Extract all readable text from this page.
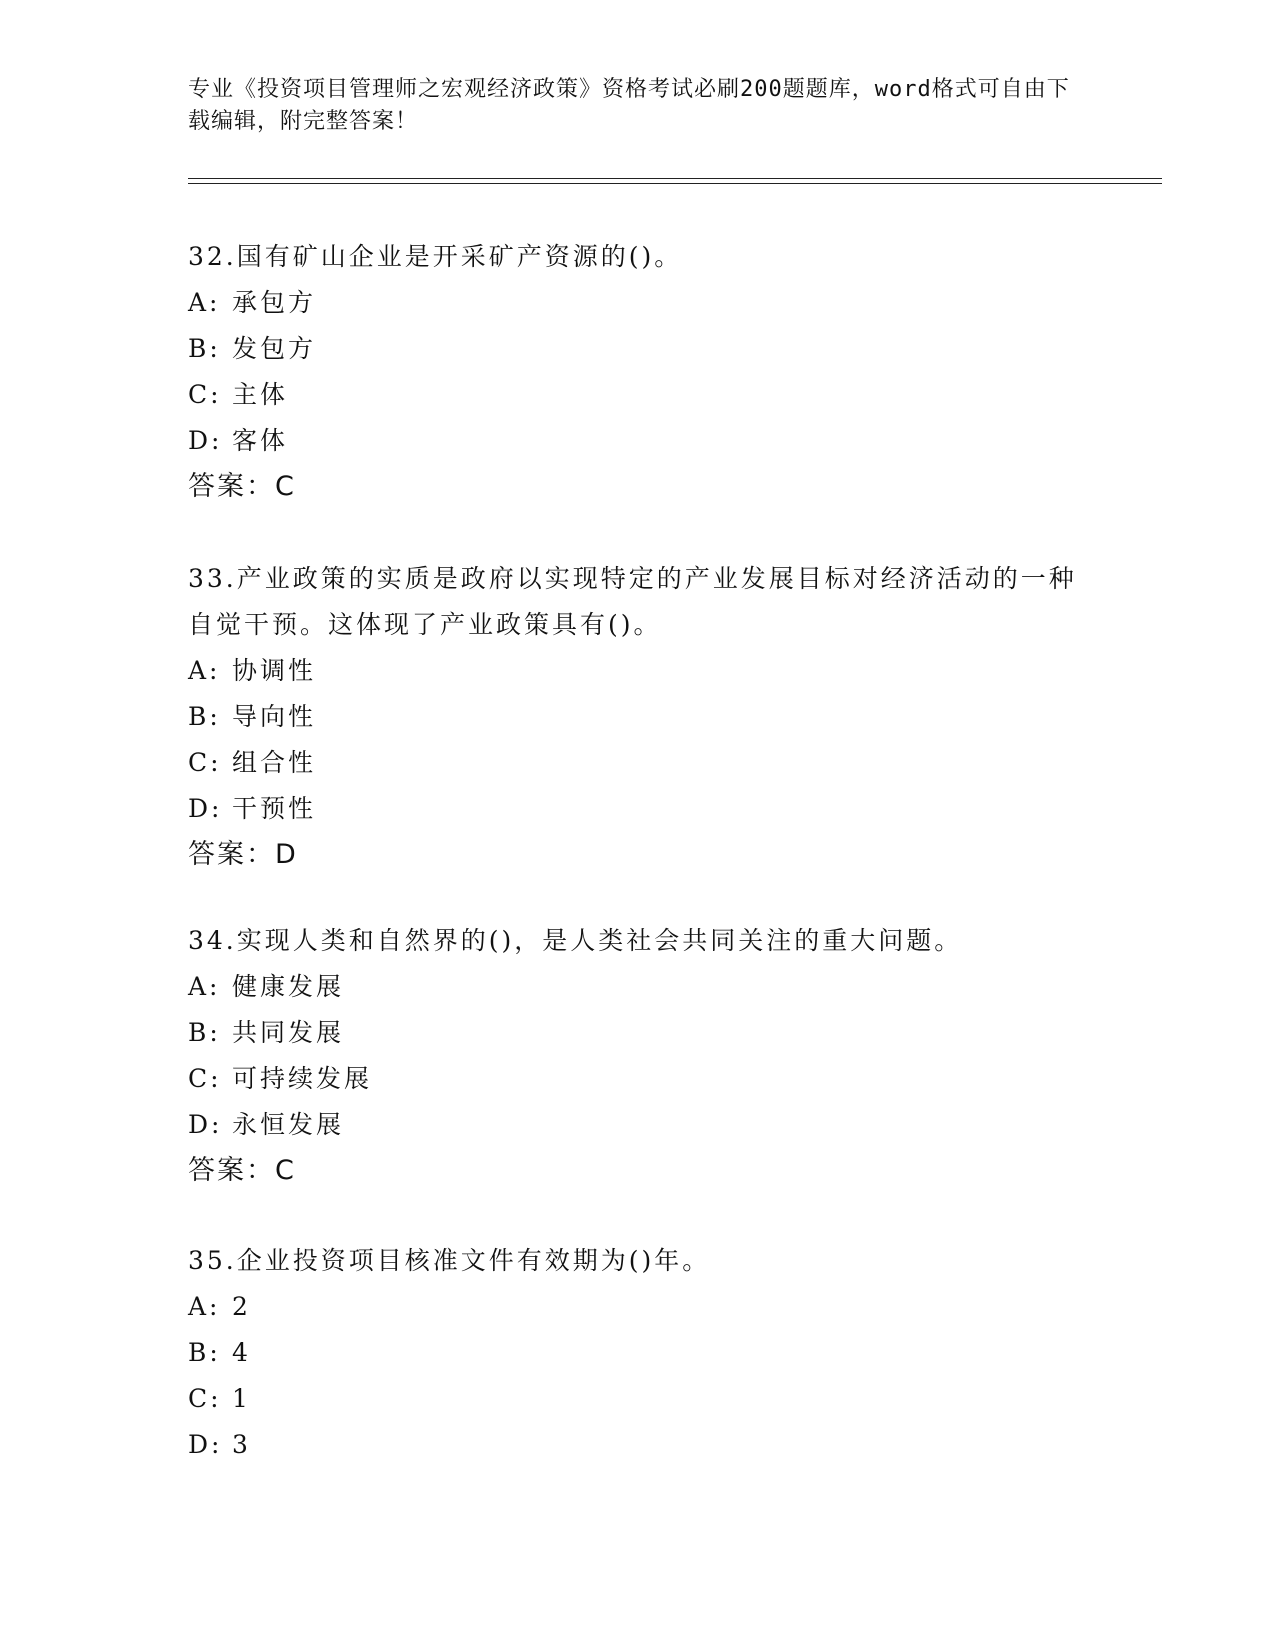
专业《投资项目管理师之宏观经济政策》资格考试必刷200题题库，word格式可自由下载编辑，附完整答案！

32.国有矿山企业是开采矿产资源的()。

A: 承包方
B: 发包方
C: 主体
D: 客体
答案：C

33.产业政策的实质是政府以实现特定的产业发展目标对经济活动的一种自觉干预。这体现了产业政策具有()。

A: 协调性
B: 导向性
C: 组合性
D: 干预性
答案：D

34.实现人类和自然界的()，是人类社会共同关注的重大问题。

A: 健康发展
B: 共同发展
C: 可持续发展
D: 永恒发展
答案：C

35.企业投资项目核准文件有效期为()年。

A: 2
B: 4
C: 1
D: 3
